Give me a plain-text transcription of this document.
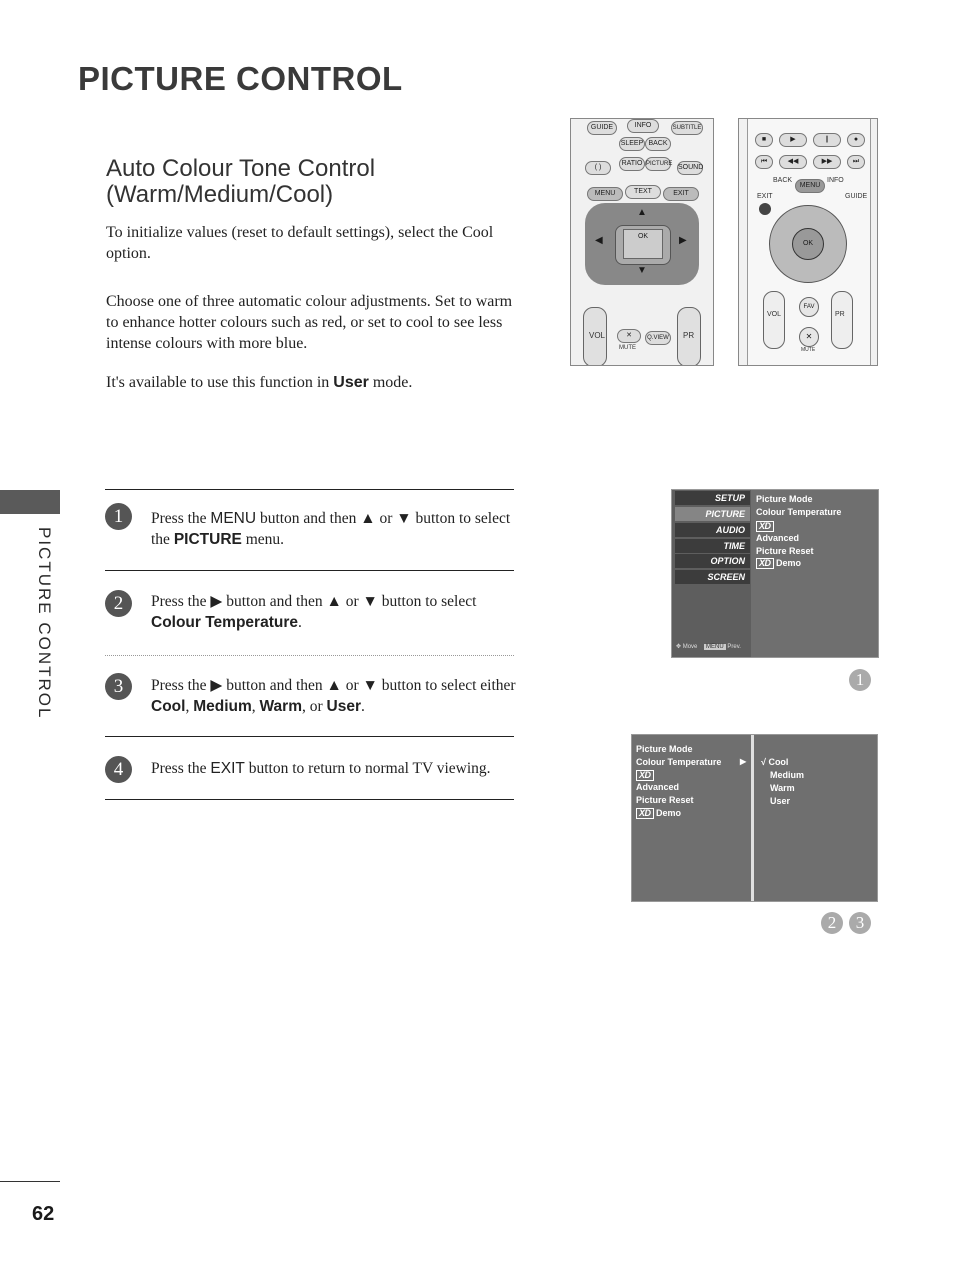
PICTURE CONTROL
PICTURE CONTROL
62
Auto Colour Tone Control
(Warm/Medium/Cool)
To initialize values (reset to default settings), select the Cool option.
Choose one of three automatic colour adjustments. Set to warm to enhance hotter colours such as red, or set to cool to see less intense colours with more blue.
It's available to use this function in User mode.
1	Press the MENU button and then ▲ or ▼ button to select the PICTURE menu.
2	Press the ▶ button and then ▲ or ▼ button to select Colour Temperature.
3	Press the ▶ button and then ▲ or ▼ button to select either Cool, Medium, Warm, or User.
4	Press the EXIT button to return to normal TV viewing.
GUIDE	INFO	SUBTITLE
SLEEP BACK
( )
RATIO PICTURE SOUND
MENU	TEXT	EXIT
OK
▲
▼
◀	▶
VOL	✕
MUTE
Q.VIEW PR
■	▶	∥	●
⏮	◀◀	▶▶	⏭
BACK
MENU
INFO
EXIT	GUIDE
OK
VOL
FAV
✕
MUTE
PR
SETUP
PICTURE
AUDIO
TIME
OPTION
SCREEN
Picture Mode
Colour Temperature
XD
Advanced
Picture Reset
XD Demo
✥ Move MENU Prev.
1
Picture Mode
Colour Temperature ▶
XD
Advanced
Picture Reset
XD Demo
√ Cool
Medium
Warm
User
2	3
